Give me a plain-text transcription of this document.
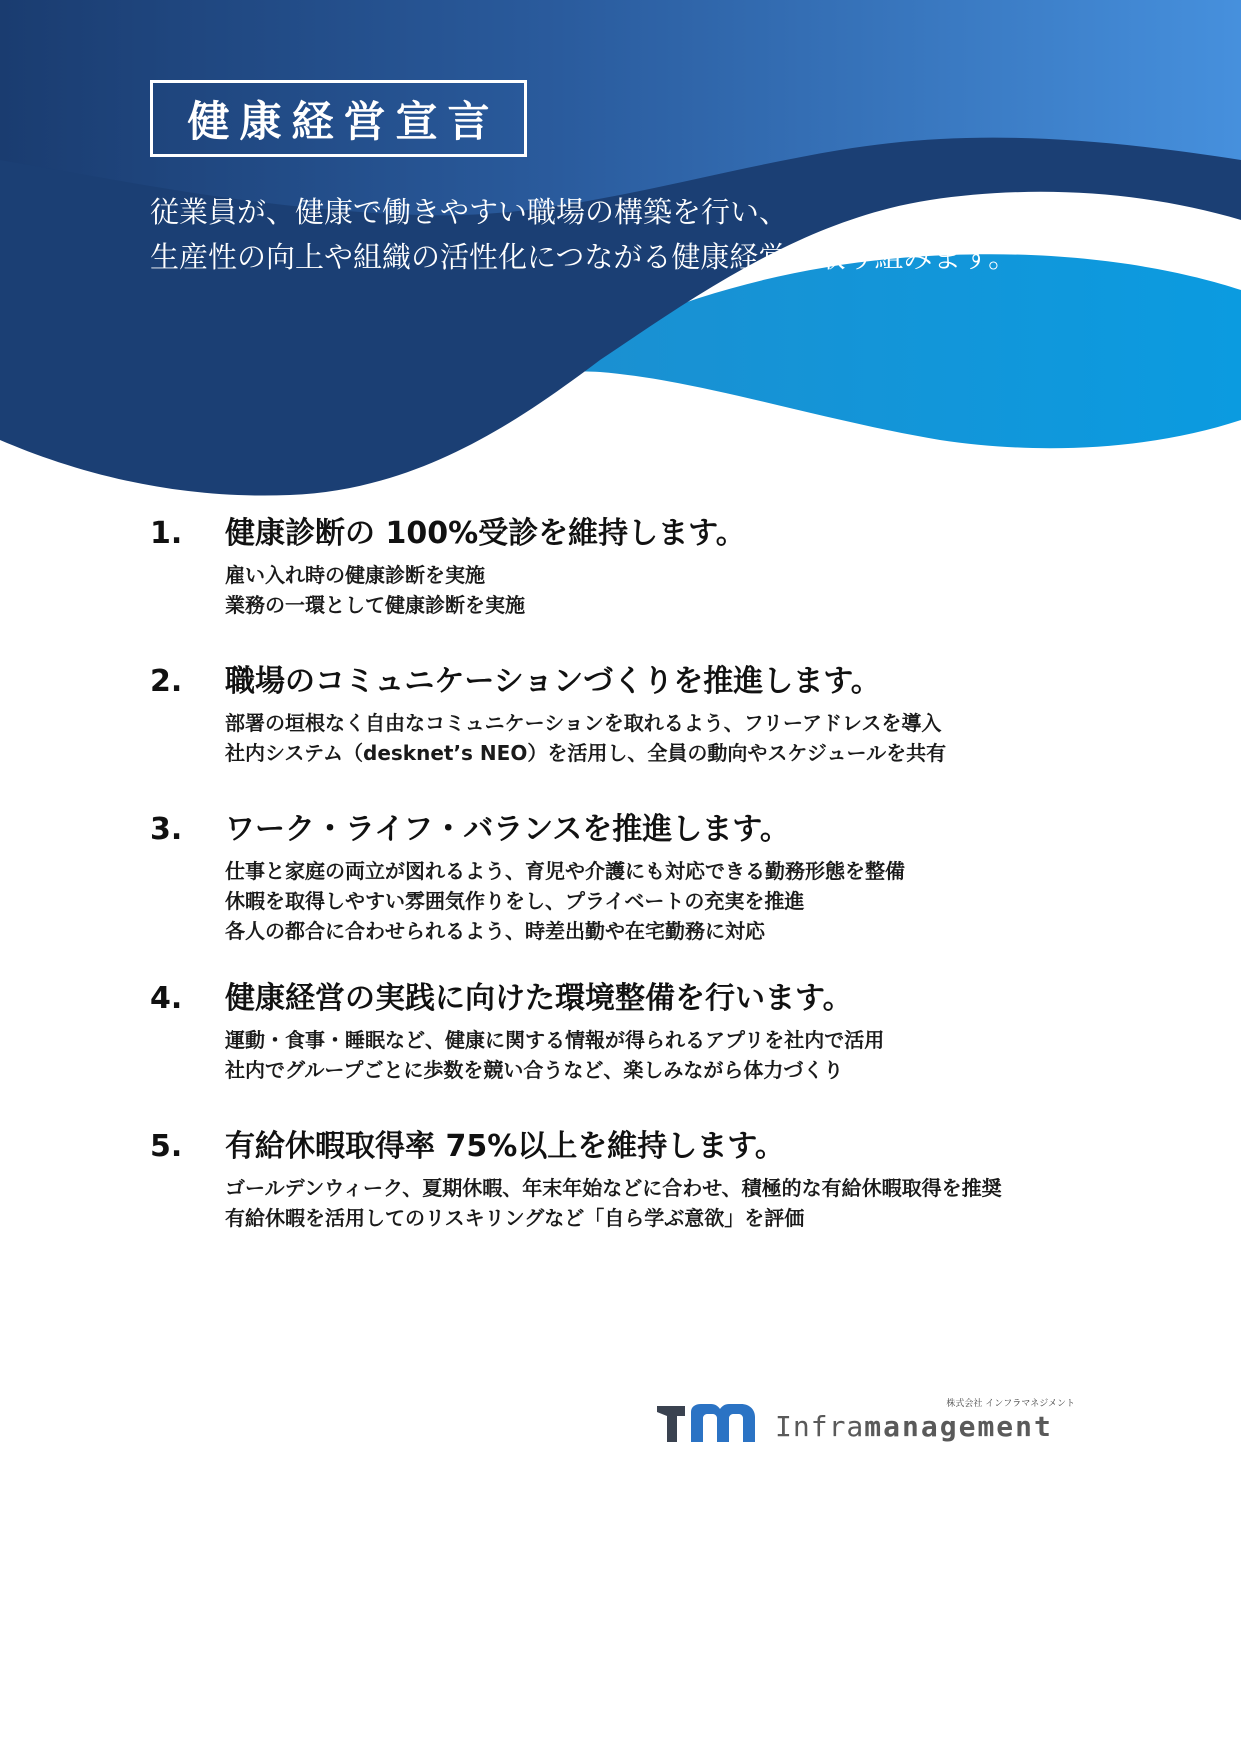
健康経営宣言
従業員が、健康で働きやすい職場の構築を行い、
生産性の向上や組織の活性化につながる健康経営に取り組みます。
1. 健康診断の 100%受診を維持します。
雇い入れ時の健康診断を実施
業務の一環として健康診断を実施
2. 職場のコミュニケーションづくりを推進します。
部署の垣根なく自由なコミュニケーションを取れるよう、フリーアドレスを導入
社内システム（desknet’s NEO）を活用し、全員の動向やスケジュールを共有
3. ワーク・ライフ・バランスを推進します。
仕事と家庭の両立が図れるよう、育児や介護にも対応できる勤務形態を整備
休暇を取得しやすい雰囲気作りをし、プライベートの充実を推進
各人の都合に合わせられるよう、時差出勤や在宅勤務に対応
4. 健康経営の実践に向けた環境整備を行います。
運動・食事・睡眠など、健康に関する情報が得られるアプリを社内で活用
社内でグループごとに歩数を競い合うなど、楽しみながら体力づくり
5. 有給休暇取得率 75%以上を維持します。
ゴールデンウィーク、夏期休暇、年末年始などに合わせ、積極的な有給休暇取得を推奨
有給休暇を活用してのリスキリングなど「自ら学ぶ意欲」を評価
株式会社 インフラマネジメント
Inframanagement
